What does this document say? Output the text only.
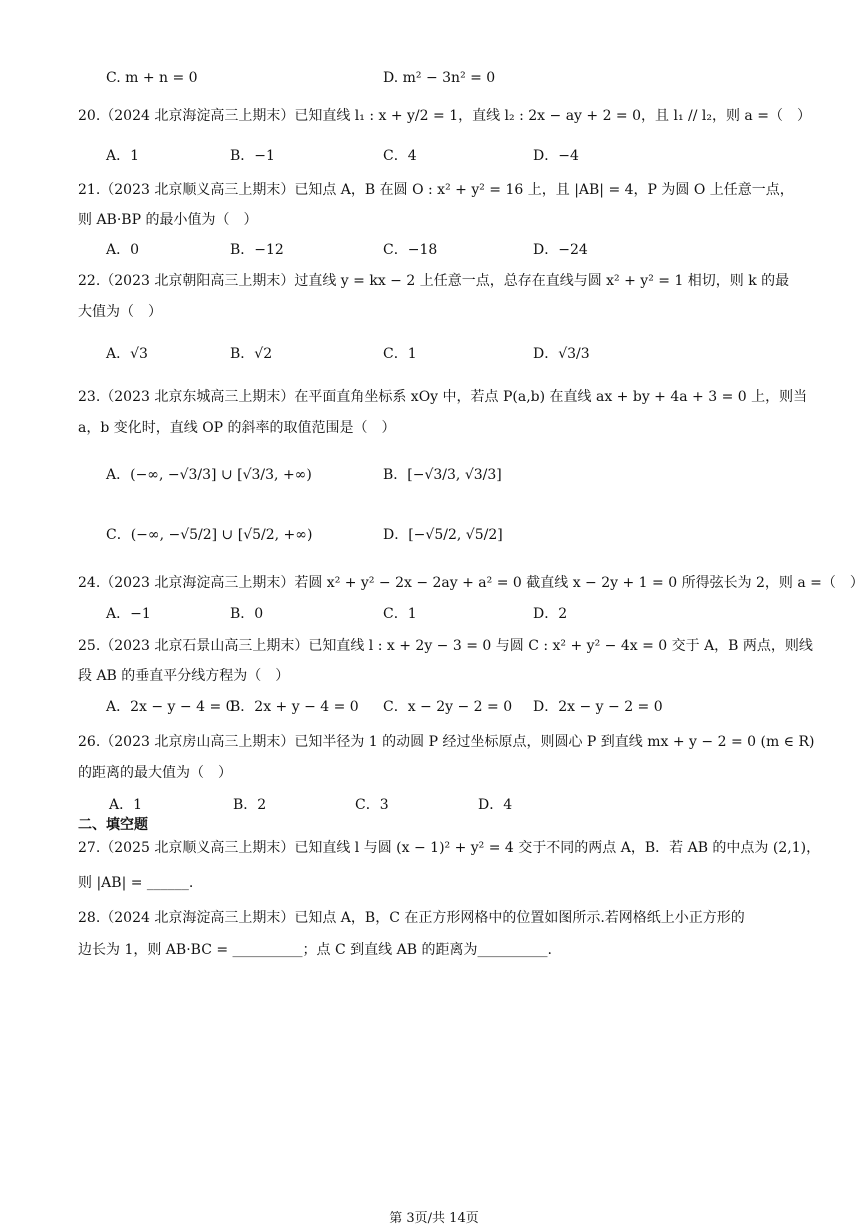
C. m + n = 0	D. m² − 3n² = 0
20.（2024 北京海淀高三上期末）已知直线 l₁ : x + y/2 = 1，直线 l₂ : 2x − ay + 2 = 0，且 l₁ // l₂，则 a =（　）
A．1	B．−1	C．4	D．−4
21.（2023 北京顺义高三上期末）已知点 A，B 在圆 O : x² + y² = 16 上，且 |AB| = 4，P 为圆 O 上任意一点，
则 AB·BP 的最小值为（　）
A．0	B．−12	C．−18	D．−24
22.（2023 北京朝阳高三上期末）过直线 y = kx − 2 上任意一点，总存在直线与圆 x² + y² = 1 相切，则 k 的最
大值为（　）
A．√3	B．√2	C．1	D．√3/3
23.（2023 北京东城高三上期末）在平面直角坐标系 xOy 中，若点 P(a,b) 在直线 ax + by + 4a + 3 = 0 上，则当
a，b 变化时，直线 OP 的斜率的取值范围是（　）
A．(−∞, −√3/3] ∪ [√3/3, +∞)	B．[−√3/3, √3/3]
C．(−∞, −√5/2] ∪ [√5/2, +∞)	D．[−√5/2, √5/2]
24.（2023 北京海淀高三上期末）若圆 x² + y² − 2x − 2ay + a² = 0 截直线 x − 2y + 1 = 0 所得弦长为 2，则 a =（　）
A．−1	B．0	C．1	D．2
25.（2023 北京石景山高三上期末）已知直线 l : x + 2y − 3 = 0 与圆 C : x² + y² − 4x = 0 交于 A，B 两点，则线
段 AB 的垂直平分线方程为（　）
A．2x − y − 4 = 0
B．2x + y − 4 = 0 C．x − 2y − 2 = 0 D．2x − y − 2 = 0
26.（2023 北京房山高三上期末）已知半径为 1 的动圆 P 经过坐标原点，则圆心 P 到直线 mx + y − 2 = 0 (m ∈ R)
的距离的最大值为（　）
A．1	B．2	C．3	D．4
二、填空题
27.（2025 北京顺义高三上期末）已知直线 l 与圆 (x − 1)² + y² = 4 交于不同的两点 A，B．若 AB 的中点为 (2,1)，
则 |AB| = ______.
28.（2024 北京海淀高三上期末）已知点 A，B，C 在正方形网格中的位置如图所示.若网格纸上小正方形的
边长为 1，则 AB·BC = __________；点 C 到直线 AB 的距离为__________.
第 3页/共 14页
